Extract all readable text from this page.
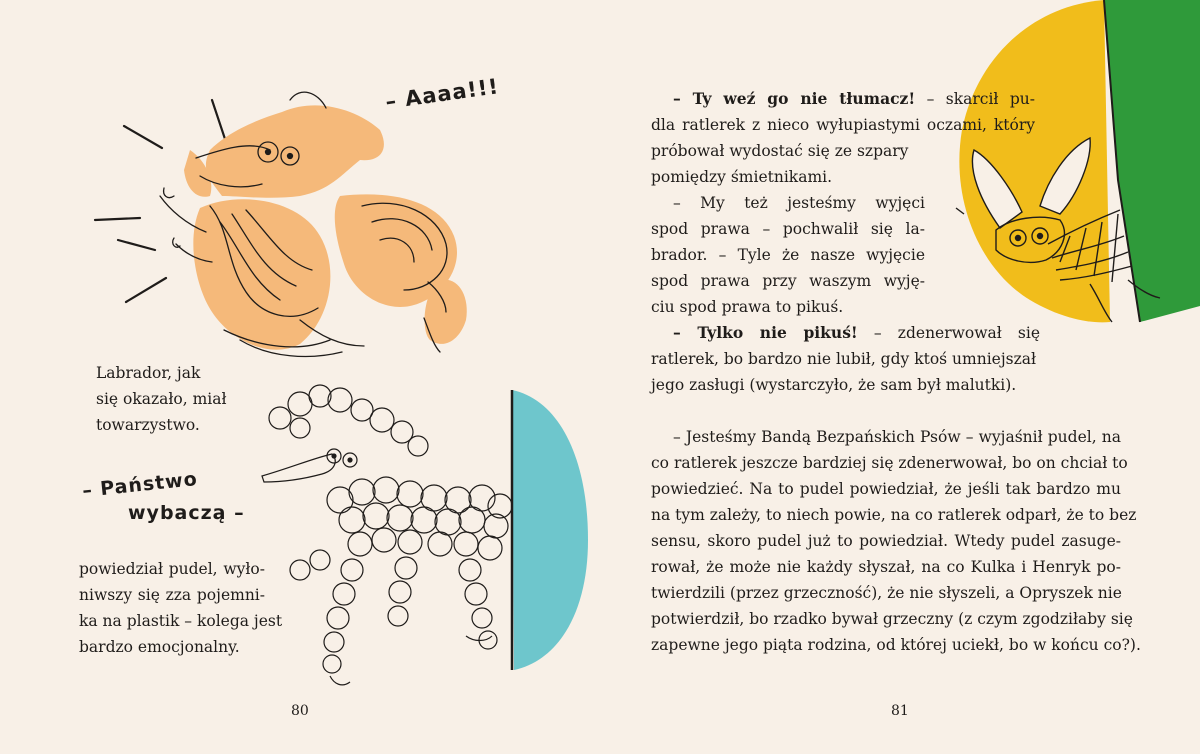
– Aaaa!!!
Labrador, jak
się okazało, miał
towarzystwo.
– Państwo
wybaczą –
powiedział pudel, wyło-
niwszy się zza pojemni-
ka na plastik – kolega jest
bardzo emocjonalny.
80
– Ty weź go nie tłumacz! – skarcił pu-
dla ratlerek z nieco wyłupiastymi oczami, który
próbował wydostać się ze szpary
pomiędzy śmietnikami.
– My też jesteśmy wyjęci
spod prawa – pochwalił się la-
brador. – Tyle że nasze wyjęcie
spod prawa przy waszym wyję-
ciu spod prawa to pikuś.
– Tylko nie pikuś! – zdenerwował się
ratlerek, bo bardzo nie lubił, gdy ktoś umniejszał
jego zasługi (wystarczyło, że sam był malutki).
– Jesteśmy Bandą Bezpańskich Psów – wyjaśnił pudel, na
co ratlerek jeszcze bardziej się zdenerwował, bo on chciał to
powiedzieć. Na to pudel powiedział, że jeśli tak bardzo mu
na tym zależy, to niech powie, na co ratlerek odparł, że to bez
sensu, skoro pudel już to powiedział. Wtedy pudel zasuge-
rował, że może nie każdy słyszał, na co Kulka i Henryk po-
twierdzili (przez grzeczność), że nie słyszeli, a Opryszek nie
potwierdził, bo rzadko bywał grzeczny (z czym zgodziłaby się
zapewne jego piąta rodzina, od której uciekł, bo w końcu co?).
81
